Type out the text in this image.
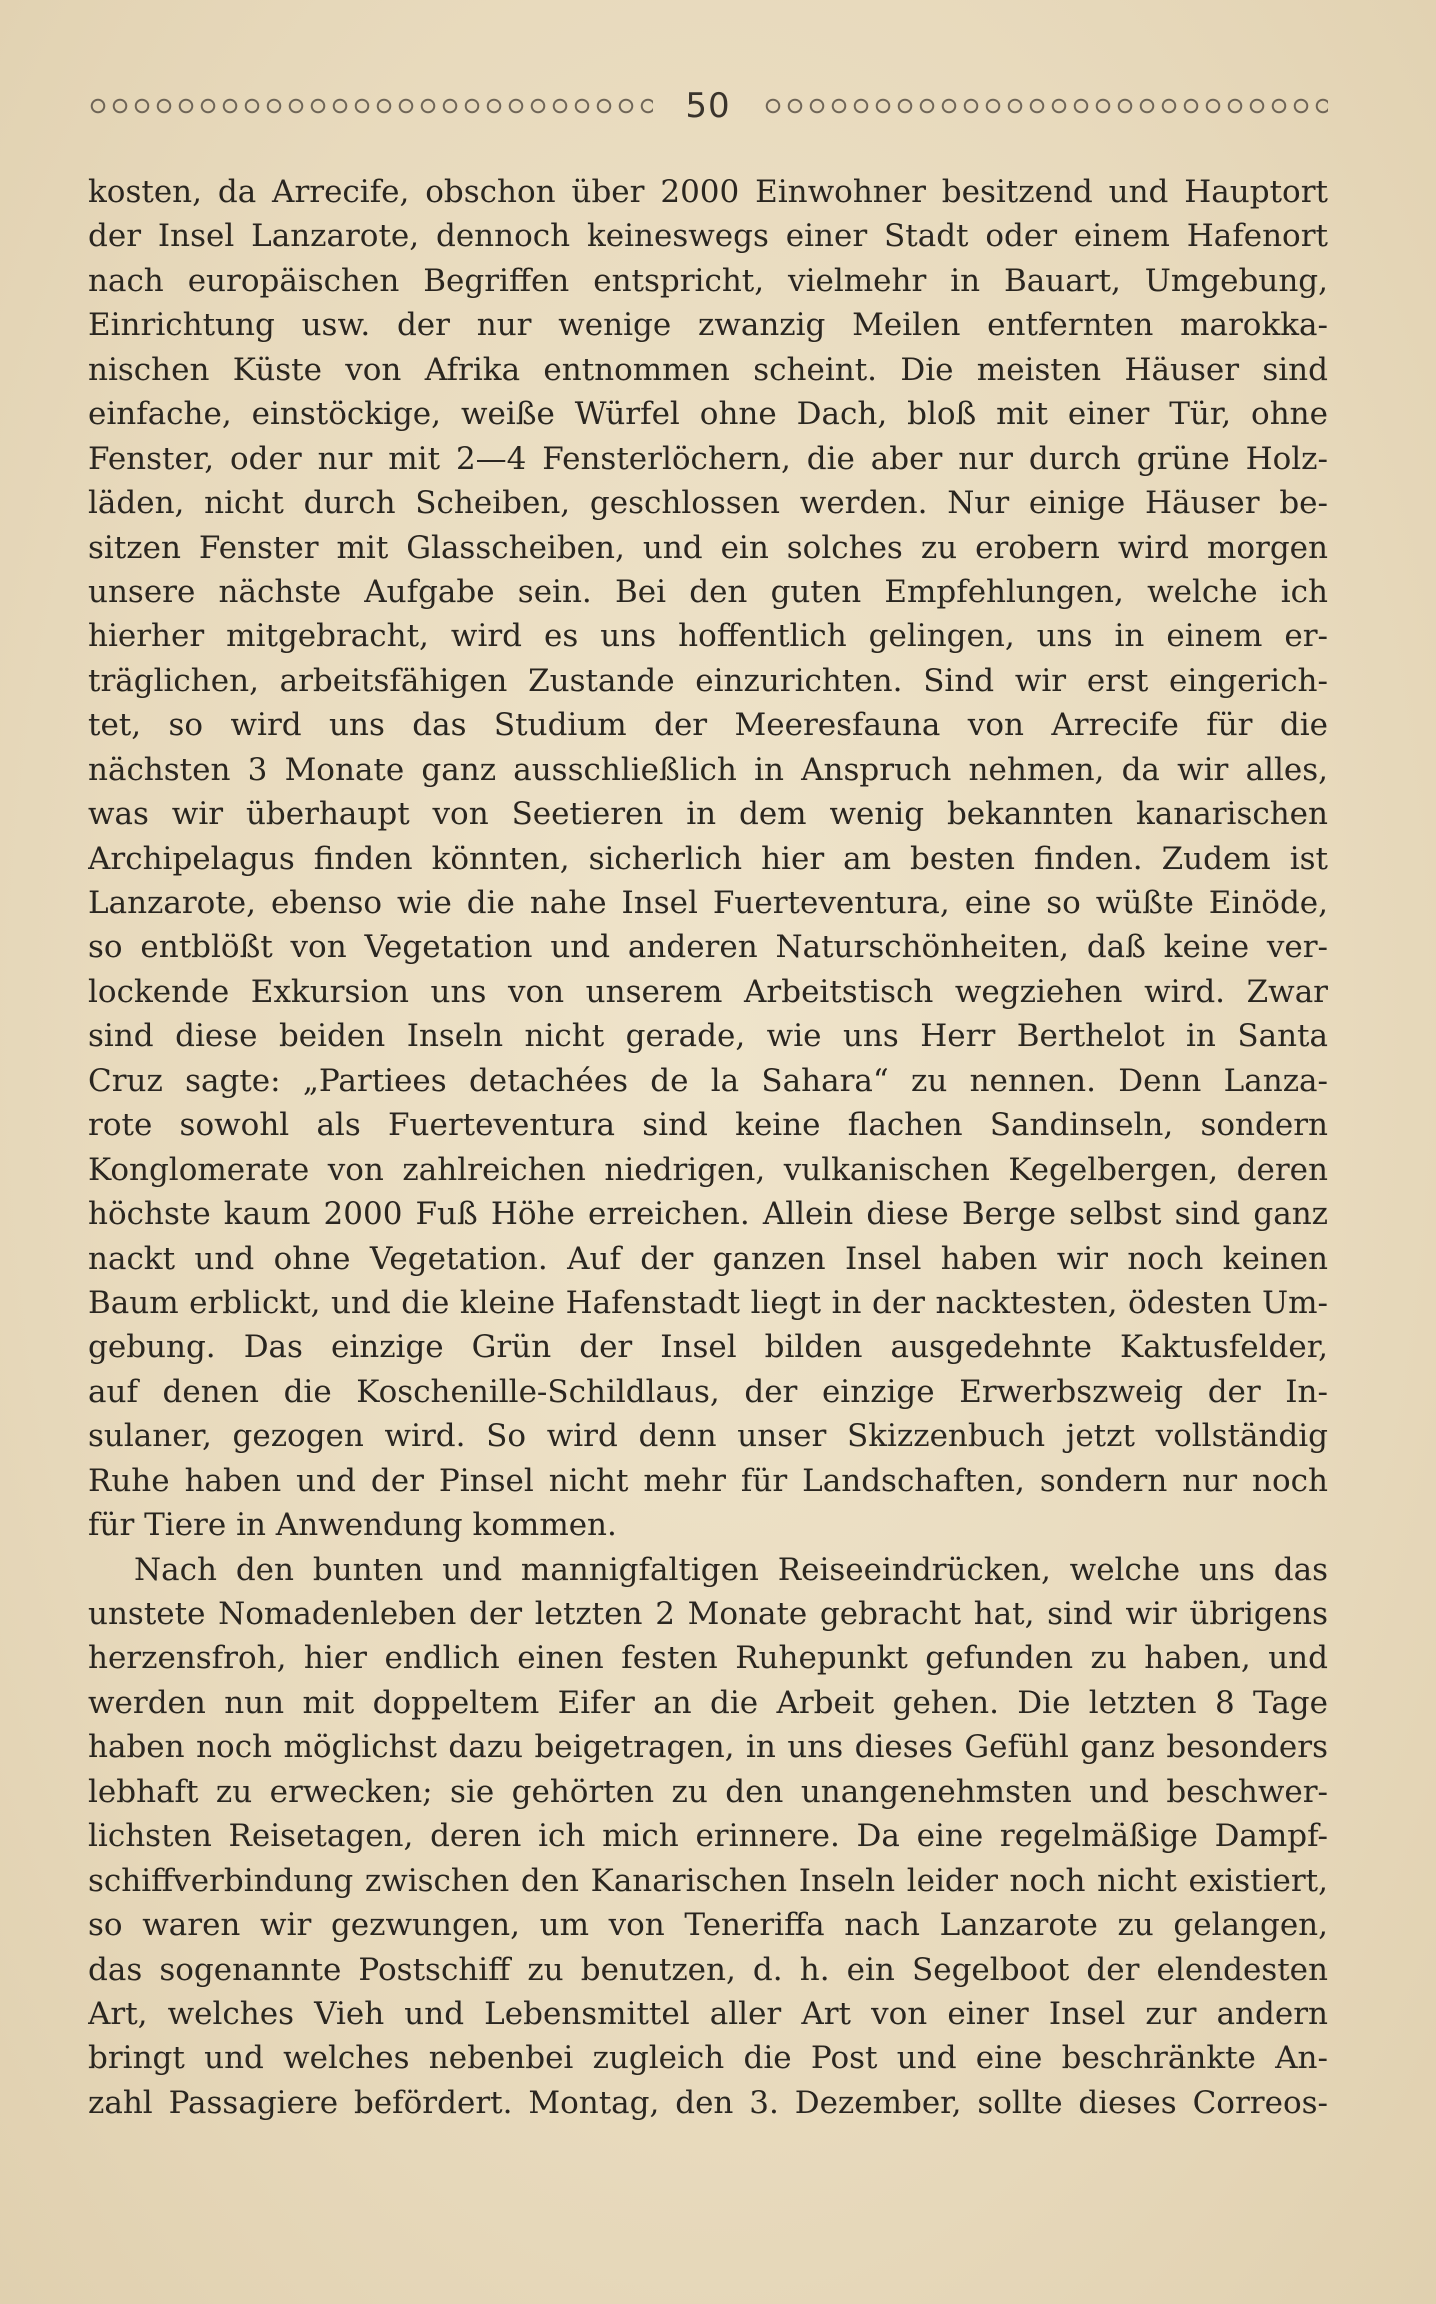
50
kosten, da Arrecife, obschon über 2000 Einwohner besitzend und Hauptort
der Insel Lanzarote, dennoch keineswegs einer Stadt oder einem Hafenort
nach europäischen Begriffen entspricht, vielmehr in Bauart, Umgebung,
Einrichtung usw. der nur wenige zwanzig Meilen entfernten marokka-
nischen Küste von Afrika entnommen scheint. Die meisten Häuser sind
einfache, einstöckige, weiße Würfel ohne Dach, bloß mit einer Tür, ohne
Fenster, oder nur mit 2—4 Fensterlöchern, die aber nur durch grüne Holz-
läden, nicht durch Scheiben, geschlossen werden. Nur einige Häuser be-
sitzen Fenster mit Glasscheiben, und ein solches zu erobern wird morgen
unsere nächste Aufgabe sein. Bei den guten Empfehlungen, welche ich
hierher mitgebracht, wird es uns hoffentlich gelingen, uns in einem er-
träglichen, arbeitsfähigen Zustande einzurichten. Sind wir erst eingerich-
tet, so wird uns das Studium der Meeresfauna von Arrecife für die
nächsten 3 Monate ganz ausschließlich in Anspruch nehmen, da wir alles,
was wir überhaupt von Seetieren in dem wenig bekannten kanarischen
Archipelagus finden könnten, sicherlich hier am besten finden. Zudem ist
Lanzarote, ebenso wie die nahe Insel Fuerteventura, eine so wüßte Einöde,
so entblößt von Vegetation und anderen Naturschönheiten, daß keine ver-
lockende Exkursion uns von unserem Arbeitstisch wegziehen wird. Zwar
sind diese beiden Inseln nicht gerade, wie uns Herr Berthelot in Santa
Cruz sagte: „Partiees detachées de la Sahara“ zu nennen. Denn Lanza-
rote sowohl als Fuerteventura sind keine flachen Sandinseln, sondern
Konglomerate von zahlreichen niedrigen, vulkanischen Kegelbergen, deren
höchste kaum 2000 Fuß Höhe erreichen. Allein diese Berge selbst sind ganz
nackt und ohne Vegetation. Auf der ganzen Insel haben wir noch keinen
Baum erblickt, und die kleine Hafenstadt liegt in der nacktesten, ödesten Um-
gebung. Das einzige Grün der Insel bilden ausgedehnte Kaktusfelder,
auf denen die Koschenille-Schildlaus, der einzige Erwerbszweig der In-
sulaner, gezogen wird. So wird denn unser Skizzenbuch jetzt vollständig
Ruhe haben und der Pinsel nicht mehr für Landschaften, sondern nur noch
für Tiere in Anwendung kommen.
Nach den bunten und mannigfaltigen Reiseeindrücken, welche uns das
unstete Nomadenleben der letzten 2 Monate gebracht hat, sind wir übrigens
herzensfroh, hier endlich einen festen Ruhepunkt gefunden zu haben, und
werden nun mit doppeltem Eifer an die Arbeit gehen. Die letzten 8 Tage
haben noch möglichst dazu beigetragen, in uns dieses Gefühl ganz besonders
lebhaft zu erwecken; sie gehörten zu den unangenehmsten und beschwer-
lichsten Reisetagen, deren ich mich erinnere. Da eine regelmäßige Dampf-
schiffverbindung zwischen den Kanarischen Inseln leider noch nicht existiert,
so waren wir gezwungen, um von Teneriffa nach Lanzarote zu gelangen,
das sogenannte Postschiff zu benutzen, d. h. ein Segelboot der elendesten
Art, welches Vieh und Lebensmittel aller Art von einer Insel zur andern
bringt und welches nebenbei zugleich die Post und eine beschränkte An-
zahl Passagiere befördert. Montag, den 3. Dezember, sollte dieses Correos-
